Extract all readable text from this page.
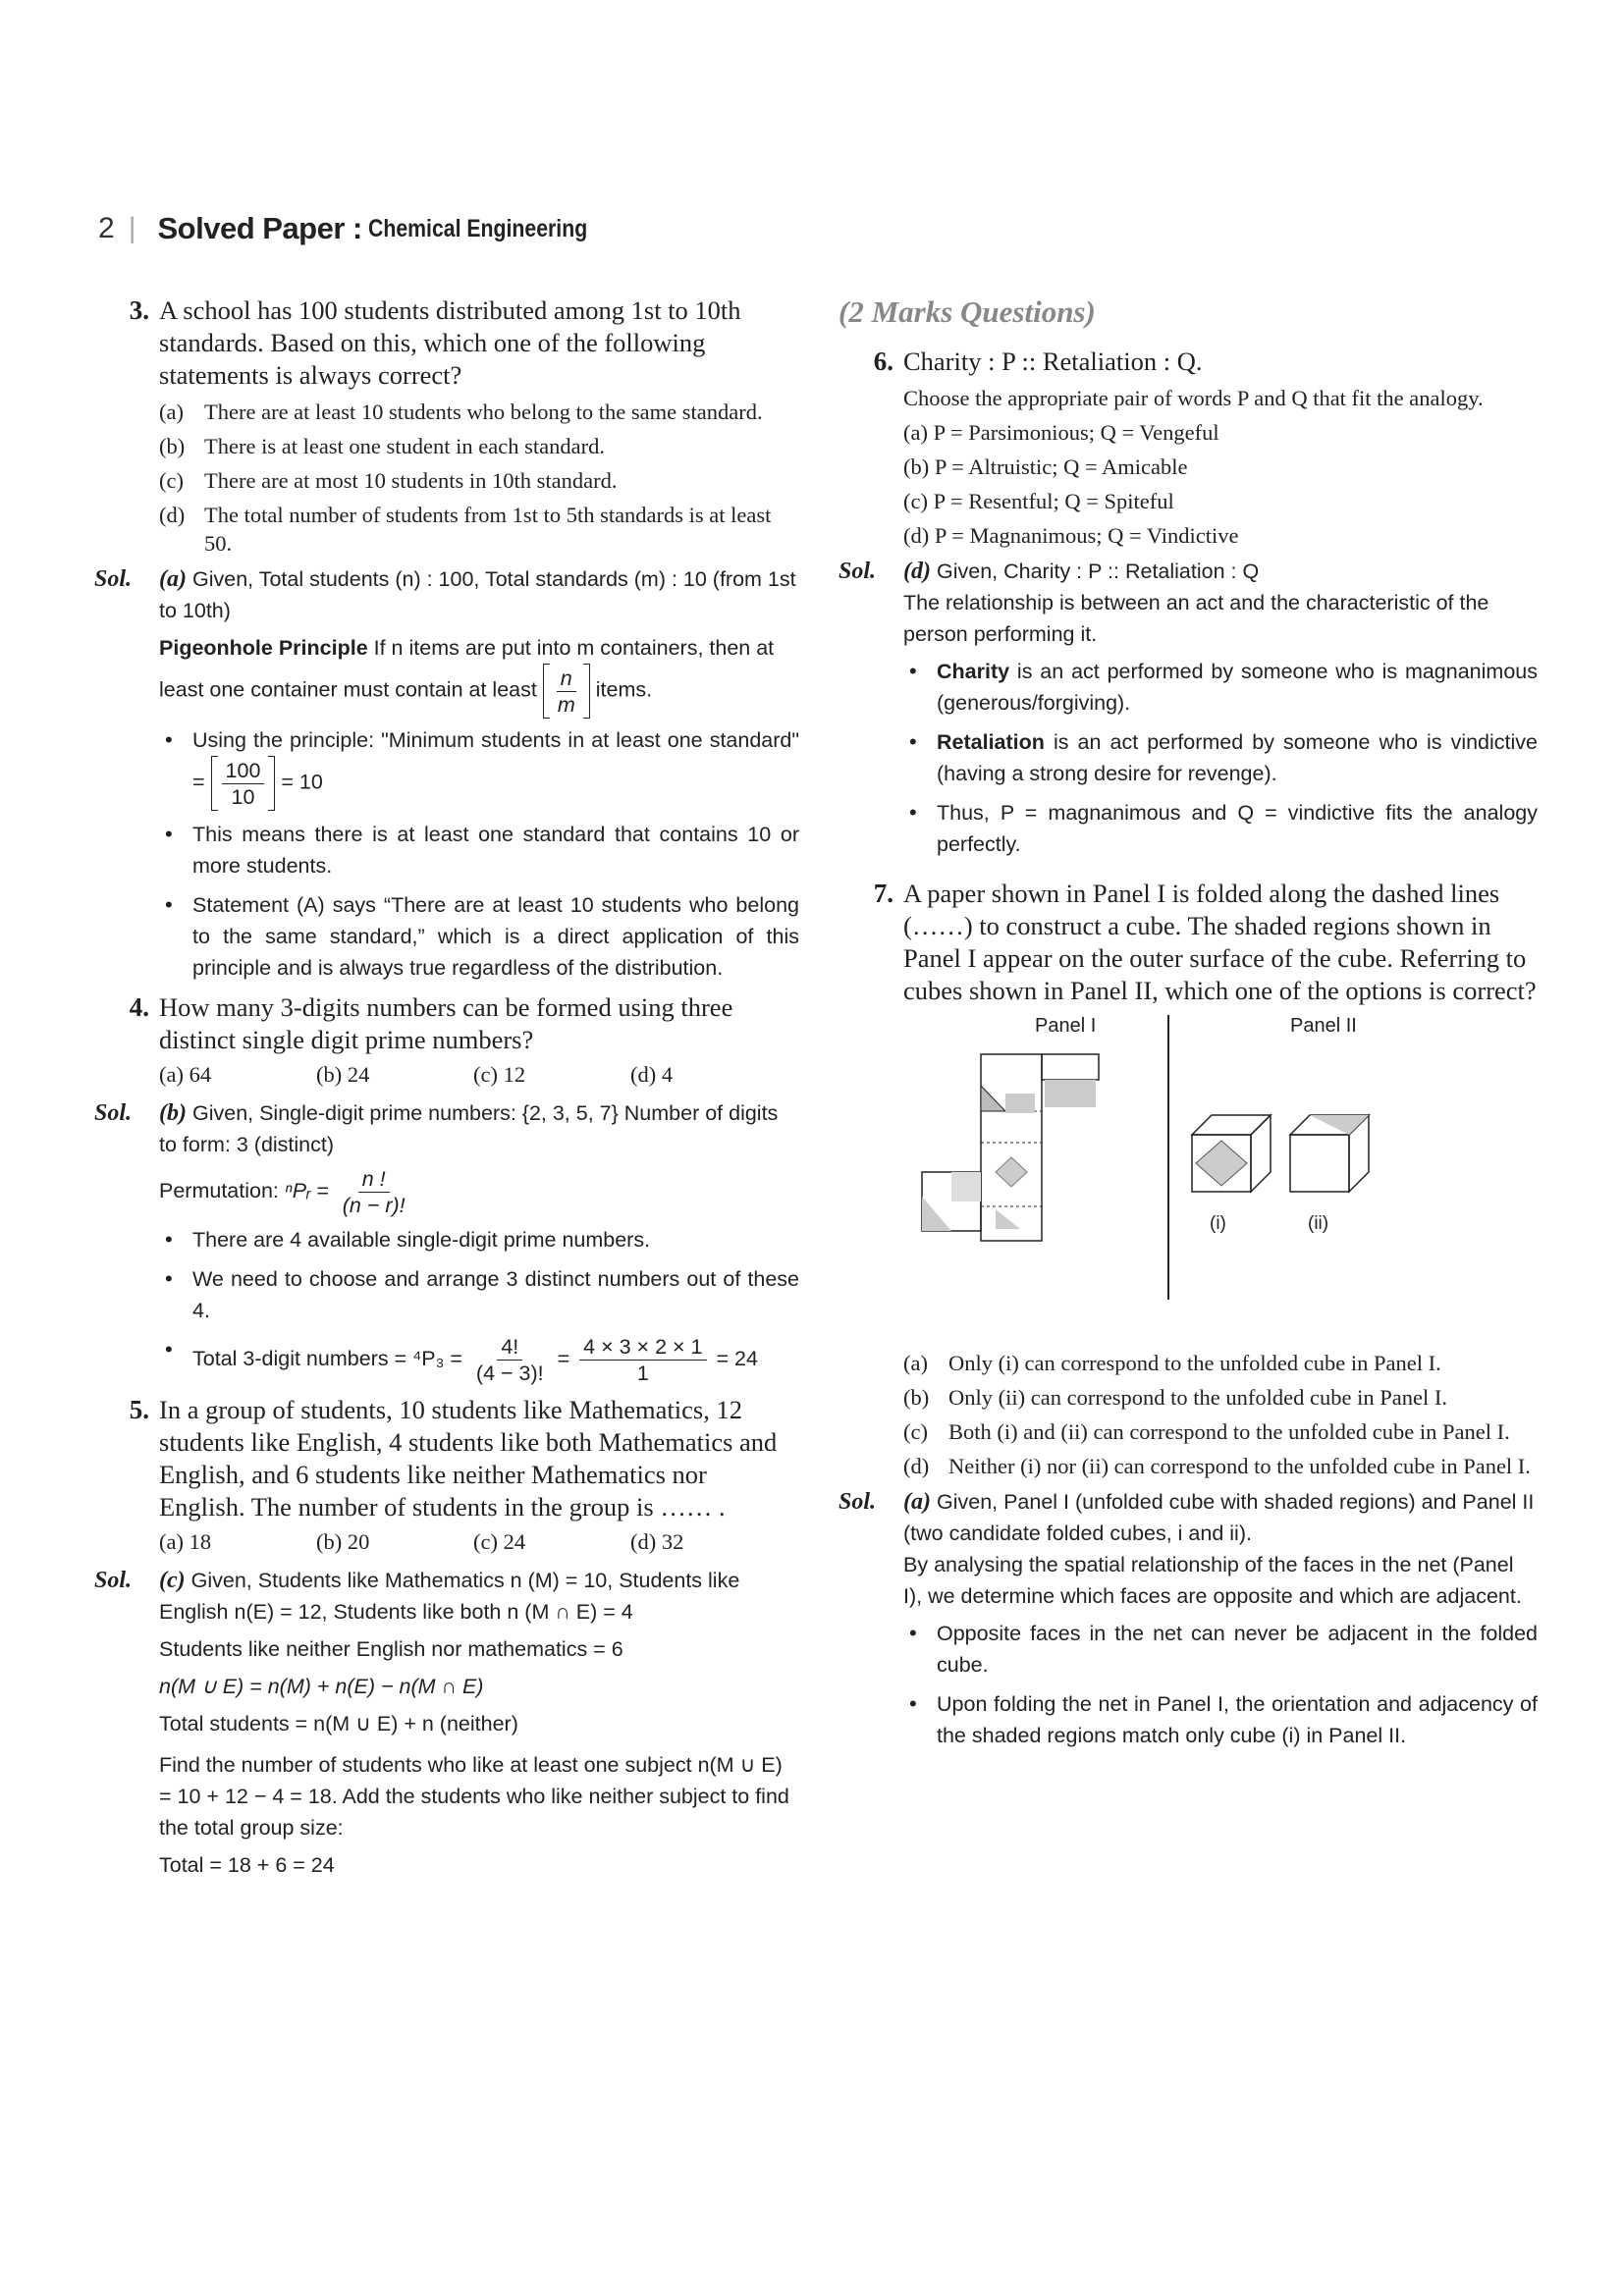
2 | Solved Paper : Chemical Engineering
3. A school has 100 students distributed among 1st to 10th standards. Based on this, which one of the following statements is always correct?
(a) There are at least 10 students who belong to the same standard.
(b) There is at least one student in each standard.
(c) There are at most 10 students in 10th standard.
(d) The total number of students from 1st to 5th standards is at least 50.
Sol.	(a) Given, Total students (n) : 100, Total standards (m) : 10 (from 1st to 10th)

Pigeonhole Principle If n items are put into m containers, then at least one container must contain at least $\frac{n}{m}$ items.

• Using the principle: "Minimum students in at least one standard" = $\frac{100}{10} = 10$
• This means there is at least one standard that contains 10 or more students.
• Statement (A) says “There are at least 10 students who belong to the same standard,” which is a direct application of this principle and is always true regardless of the distribution.
4. How many 3-digits numbers can be formed using three distinct single digit prime numbers?
(a) 64	(b) 24	(c) 12	(d) 4
Sol.	(b) Given, Single-digit prime numbers: {2, 3, 5, 7} Number of digits to form: 3 (distinct)

Permutation: ⁿPᵣ = $\frac{n !}{(n - r)!}$

• There are 4 available single-digit prime numbers.
• We need to choose and arrange 3 distinct numbers out of these 4.
• Total 3-digit numbers = $^4P_3 = \frac{4!}{(4 - 3)!} = \frac{4 \times 3 \times 2 \times 1}{1} = 24$
5. In a group of students, 10 students like Mathematics, 12 students like English, 4 students like both Mathematics and English, and 6 students like neither Mathematics nor English. The number of students in the group is …… .
(a) 18	(b) 20	(c) 24	(d) 32
Sol.	(c) Given, Students like Mathematics n (M) = 10, Students like English n(E) = 12, Students like both n (M ∩ E) = 4

Students like neither English nor mathematics = 6

n(M ∪ E) = n(M) + n(E) − n(M ∩ E)

Total students = n(M ∪ E) + n (neither)

Find the number of students who like at least one subject n(M ∪ E) = 10 + 12 − 4 = 18. Add the students who like neither subject to find the total group size:

Total = 18 + 6 = 24

(2 Marks Questions)
6. Charity : P :: Retaliation : Q.
Choose the appropriate pair of words P and Q that fit the analogy.
(a) P = Parsimonious; Q = Vengeful
(b) P = Altruistic; Q = Amicable
(c) P = Resentful; Q = Spiteful
(d) P = Magnanimous; Q = Vindictive
Sol.	(d) Given, Charity : P :: Retaliation : Q

The relationship is between an act and the characteristic of the person performing it.

• Charity is an act performed by someone who is magnanimous (generous/forgiving).
• Retaliation is an act performed by someone who is vindictive (having a strong desire for revenge).
• Thus, P = magnanimous and Q = vindictive fits the analogy perfectly.
7. A paper shown in Panel I is folded along the dashed lines (……) to construct a cube. The shaded regions shown in Panel I appear on the outer surface of the cube. Referring to cubes shown in Panel II, which one of the options is correct?
Panel I	Panel II
(i)	(ii)
(a) Only (i) can correspond to the unfolded cube in Panel I.
(b) Only (ii) can correspond to the unfolded cube in Panel I.
(c) Both (i) and (ii) can correspond to the unfolded cube in Panel I.
(d) Neither (i) nor (ii) can correspond to the unfolded cube in Panel I.
Sol.	(a) Given, Panel I (unfolded cube with shaded regions) and Panel II (two candidate folded cubes, i and ii).

By analysing the spatial relationship of the faces in the net (Panel I), we determine which faces are opposite and which are adjacent.

• Opposite faces in the net can never be adjacent in the folded cube.
• Upon folding the net in Panel I, the orientation and adjacency of the shaded regions match only cube (i) in Panel II.
